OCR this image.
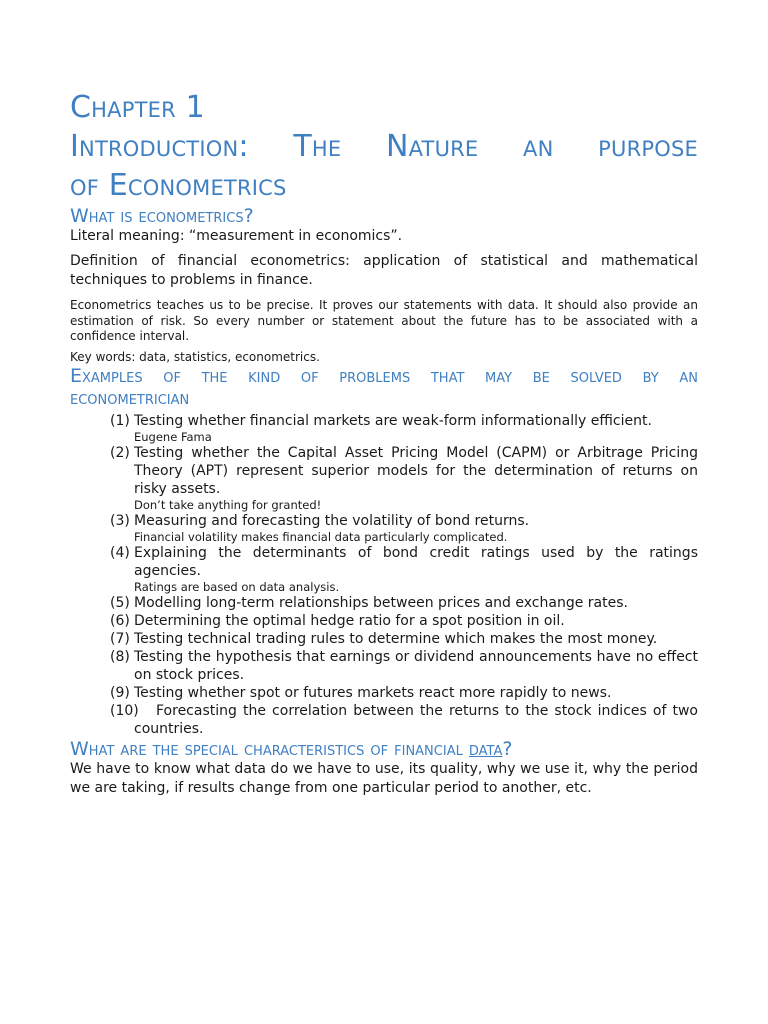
Chapter 1
Introduction: The Nature an purpose
of Econometrics
What is econometrics?

Literal meaning: “measurement in economics”.

Definition of financial econometrics: application of statistical and mathematical techniques to problems in finance.

Econometrics teaches us to be precise. It proves our statements with data. It should also provide an estimation of risk. So every number or statement about the future has to be associated with a confidence interval.

Key words: data, statistics, econometrics.

Examples of the kind of problems that may be solved by an
econometrician
(1) Testing whether financial markets are weak-form informationally efficient.
Eugene Fama
(2) Testing whether the Capital Asset Pricing Model (CAPM) or Arbitrage Pricing Theory (APT) represent superior models for the determination of returns on risky assets.
Don’t take anything for granted!
(3) Measuring and forecasting the volatility of bond returns.
Financial volatility makes financial data particularly complicated.
(4) Explaining the determinants of bond credit ratings used by the ratings agencies.
Ratings are based on data analysis.
(5) Modelling long-term relationships between prices and exchange rates.
(6) Determining the optimal hedge ratio for a spot position in oil.
(7) Testing technical trading rules to determine which makes the most money.
(8) Testing the hypothesis that earnings or dividend announcements have no effect on stock prices.
(9) Testing whether spot or futures markets react more rapidly to news.
(10)	Forecasting the correlation between the returns to the stock indices of two countries.
What are the special characteristics of financial data?

We have to know what data do we have to use, its quality, why we use it, why the period we are taking, if results change from one particular period to another, etc.
